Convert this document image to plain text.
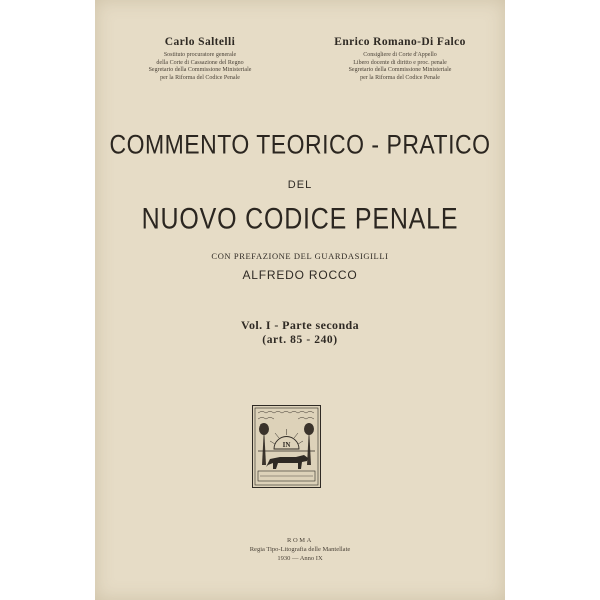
Carlo Saltelli
Sostituto procuratore generale
della Corte di Cassazione del Regno
Segretario della Commissione Ministeriale
per la Riforma del Codice Penale
Enrico Romano-Di Falco
Consigliere di Corte d'Appello
Libero docente di diritto e proc. penale
Segretario della Commissione Ministeriale
per la Riforma del Codice Penale
COMMENTO TEORICO - PRATICO
DEL
NUOVO CODICE PENALE
CON PREFAZIONE DEL GUARDASIGILLI
ALFREDO ROCCO
Vol. I - Parte seconda
(art. 85 - 240)
IN
ROMA
Regia Tipo-Litografia delle Mantellate
1930 — Anno IX
